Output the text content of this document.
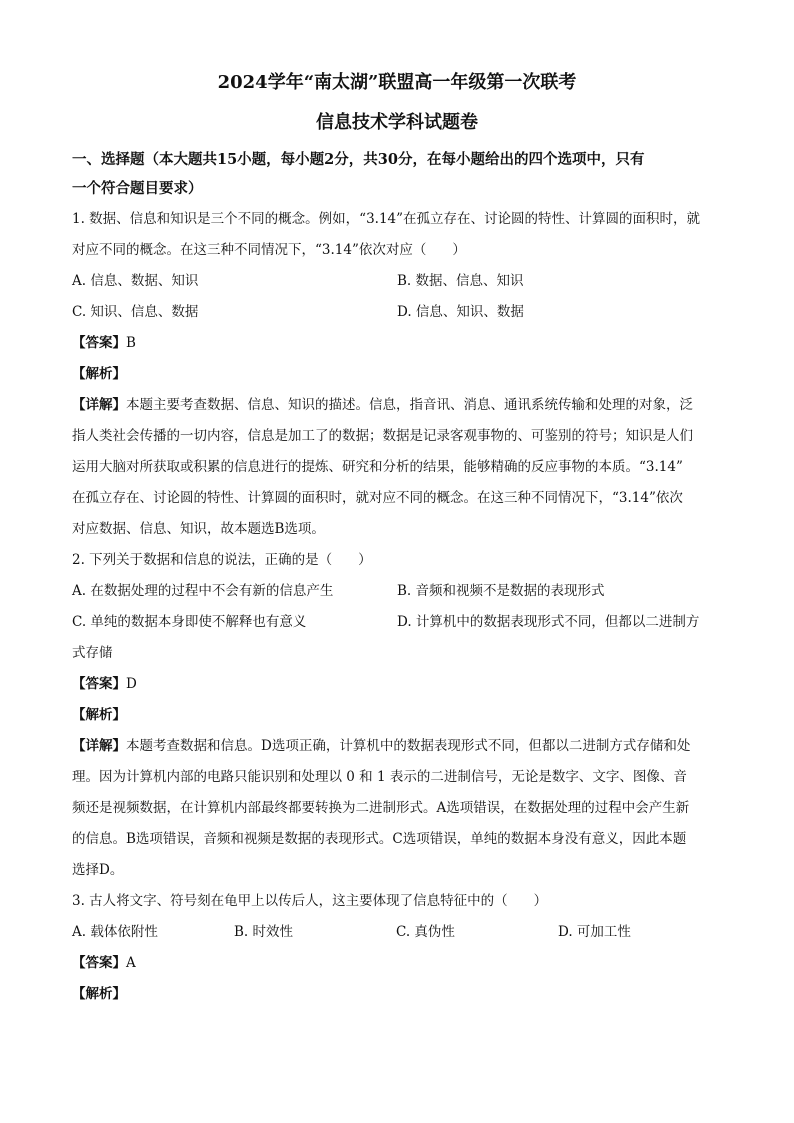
2024学年“南太湖”联盟高一年级第一次联考
信息技术学科试题卷
一、选择题（本大题共15小题，每小题2分，共30分，在每小题给出的四个选项中，只有
一个符合题目要求）

1. 数据、信息和知识是三个不同的概念。例如，“3.14”在孤立存在、讨论圆的特性、计算圆的面积时，就

对应不同的概念。在这三种不同情况下，“3.14”依次对应（ ）

A. 信息、数据、知识	B. 数据、信息、知识
C. 知识、信息、数据	D. 信息、知识、数据

【答案】B

【解析】

【详解】本题主要考查数据、信息、知识的描述。信息，指音讯、消息、通讯系统传输和处理的对象，泛

指人类社会传播的一切内容，信息是加工了的数据；数据是记录客观事物的、可鉴别的符号；知识是人们

运用大脑对所获取或积累的信息进行的提炼、研究和分析的结果，能够精确的反应事物的本质。“3.14”

在孤立存在、讨论圆的特性、计算圆的面积时，就对应不同的概念。在这三种不同情况下，“3.14”依次

对应数据、信息、知识，故本题选B选项。

2. 下列关于数据和信息的说法，正确的是（ ）

A. 在数据处理的过程中不会有新的信息产生	B. 音频和视频不是数据的表现形式
C. 单纯的数据本身即使不解释也有意义	D. 计算机中的数据表现形式不同，但都以二进制方

式存储

【答案】D

【解析】

【详解】本题考查数据和信息。D选项正确，计算机中的数据表现形式不同，但都以二进制方式存储和处

理。因为计算机内部的电路只能识别和处理以 0 和 1 表示的二进制信号，无论是数字、文字、图像、音

频还是视频数据，在计算机内部最终都要转换为二进制形式。A选项错误，在数据处理的过程中会产生新

的信息。B选项错误，音频和视频是数据的表现形式。C选项错误，单纯的数据本身没有意义，因此本题

选择D。

3. 古人将文字、符号刻在龟甲上以传后人，这主要体现了信息特征中的（ ）

A. 载体依附性	B. 时效性	C. 真伪性	D. 可加工性

【答案】A

【解析】
